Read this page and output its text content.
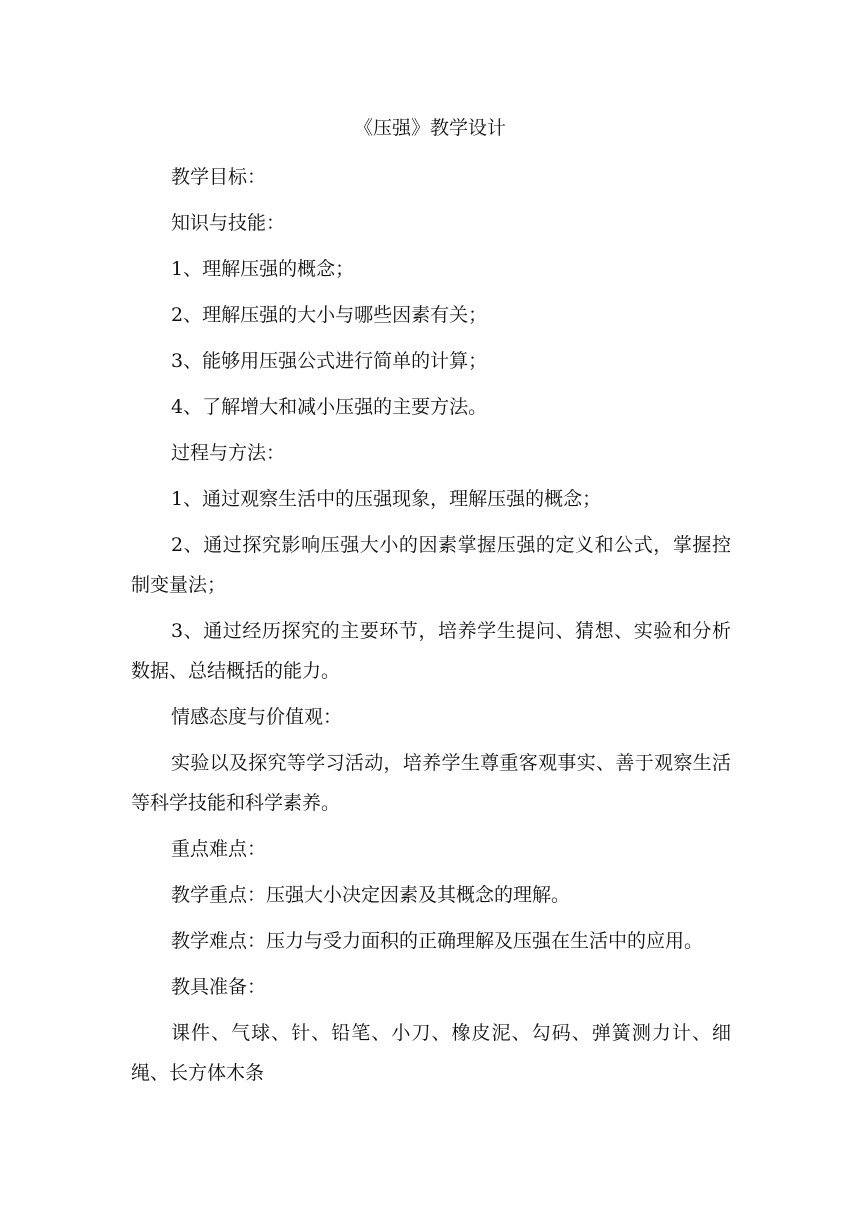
《压强》教学设计

教学目标：

知识与技能：

1、理解压强的概念；

2、理解压强的大小与哪些因素有关；

3、能够用压强公式进行简单的计算；

4、了解增大和减小压强的主要方法。

过程与方法：

1、通过观察生活中的压强现象，理解压强的概念；

2、通过探究影响压强大小的因素掌握压强的定义和公式，掌握控制变量法；

3、通过经历探究的主要环节，培养学生提问、猜想、实验和分析数据、总结概括的能力。

情感态度与价值观：

实验以及探究等学习活动，培养学生尊重客观事实、善于观察生活等科学技能和科学素养。

重点难点：

教学重点：压强大小决定因素及其概念的理解。

教学难点：压力与受力面积的正确理解及压强在生活中的应用。

教具准备：

课件、气球、针、铅笔、小刀、橡皮泥、勾码、弹簧测力计、细绳、长方体木条
